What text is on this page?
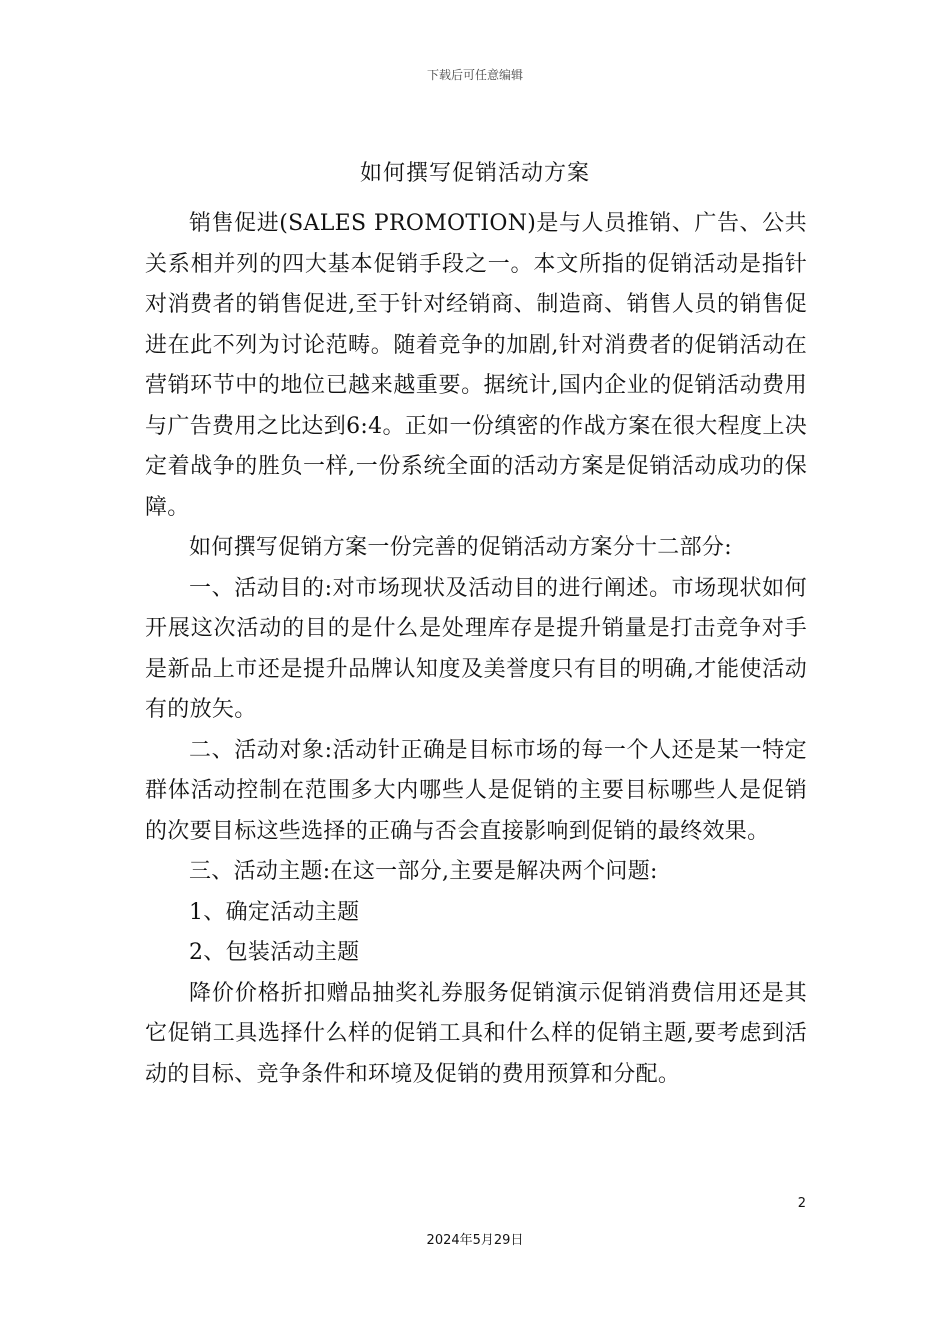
下载后可任意编辑
如何撰写促销活动方案

销售促进(SALES PROMOTION)是与人员推销、广告、公共关系相并列的四大基本促销手段之一。本文所指的促销活动是指针对消费者的销售促进,至于针对经销商、制造商、销售人员的销售促进在此不列为讨论范畴。随着竞争的加剧,针对消费者的促销活动在营销环节中的地位已越来越重要。据统计,国内企业的促销活动费用与广告费用之比达到6:4。正如一份缜密的作战方案在很大程度上决定着战争的胜负一样,一份系统全面的活动方案是促销活动成功的保障。

如何撰写促销方案一份完善的促销活动方案分十二部分:

一、活动目的:对市场现状及活动目的进行阐述。市场现状如何开展这次活动的目的是什么是处理库存是提升销量是打击竞争对手是新品上市还是提升品牌认知度及美誉度只有目的明确,才能使活动有的放矢。

二、活动对象:活动针正确是目标市场的每一个人还是某一特定群体活动控制在范围多大内哪些人是促销的主要目标哪些人是促销的次要目标这些选择的正确与否会直接影响到促销的最终效果。

三、活动主题:在这一部分,主要是解决两个问题:

1、确定活动主题

2、包装活动主题

降价价格折扣赠品抽奖礼券服务促销演示促销消费信用还是其它促销工具选择什么样的促销工具和什么样的促销主题,要考虑到活动的目标、竞争条件和环境及促销的费用预算和分配。

2
2024年5月29日
